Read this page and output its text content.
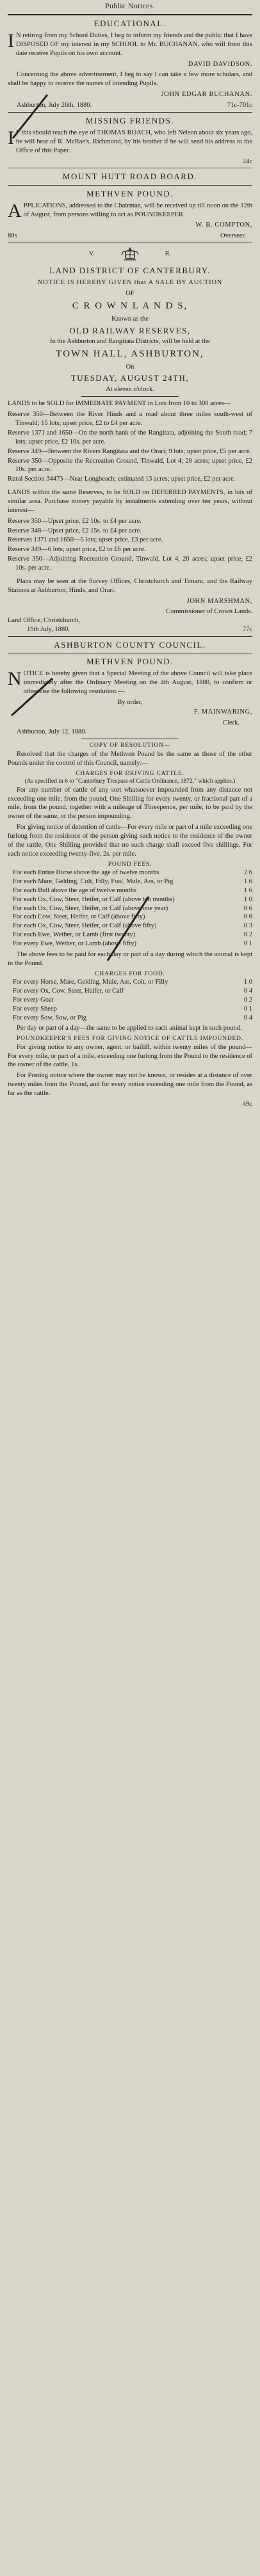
Public Notices.
EDUCATIONAL.

I N retiring from my School Duties, I beg to inform my friends and the public that I have DISPOSED OF my interest in my SCHOOL to Mr. BUCHANAN, who will from this date receive Pupils on his own account.

DAVID DAVIDSON.

Concerning the above advertisement, I beg to say I can take a few more scholars, and shall be happy to receive the names of intending Pupils.

JOHN EDGAR BUCHANAN.
Ashburton, July 26th, 1880.	71c-701c
MISSING FRIENDS.

I F this should reach the eye of THOMAS ROACH, who left Nelson about six years ago, he will hear of R. McRae's, Richmond, by his brother if he will send his address to the Office of this Paper.

24c
MOUNT HUTT ROAD BOARD.
METHVEN POUND.

APPLICATIONS, addressed to the Chairman, will be received up till noon on the 12th of August, from persons willing to act as POUNDKEEPER.

W. B. COMPTON,
80s	Overseer.
V.	R.
LAND DISTRICT OF CANTERBURY.

NOTICE IS HEREBY GIVEN that A SALE BY AUCTION

OF
C R O W N L A N D S,
Known as the
OLD RAILWAY RESERVES,

In the Ashburton and Rangitata Districts, will be held at the

TOWN HALL, ASHBURTON,
On
TUESDAY, AUGUST 24TH,
At eleven o'clock.

LANDS to be SOLD for IMMEDIATE PAYMENT in Lots from 10 to 300 acres—

Reserve 350—Between the River Hinds and a road about three miles south-west of Tinwald; 15 lots; upset price, £2 to £4 per acre.

Reserve 1371 and 1650—On the north bank of the Rangitata, adjoining the South road; 7 lots; upset price, £2 10s. per acre.

Reserve 349—Between the Rivers Rangitata and the Orari; 9 lots; upset price, £5 per acre.

Reserve 350—Opposite the Recreation Ground, Tinwald, Lot 4; 20 acres; upset price, £2 10s. per acre.

Rural Section 34473—Near Longbeach; estimated 13 acres; upset price, £2 per acre.

LANDS within the same Reserves, to be SOLD on DEFERRED PAYMENTS, in lots of similar area. Purchase money payable by instalments extending over ten years, without interest—

Reserve 350—Upset price, £2 10s. to £4 per acre.

Reserve 348—Upset price, £2 15s. to £4 per acre.

Reserves 1371 and 1650—5 lots; upset price, £3 per acre.

Reserve 349—6 lots; upset price, £2 to £6 per acre.

Reserve 350—Adjoining Recreation Ground, Tinwald, Lot 4, 20 acres; upset price, £2 10s. per acre.

Plans may be seen at the Survey Offices, Christchurch and Timaru, and the Railway Stations at Ashburton, Hinds, and Orari.

JOHN MARSHMAN,
Commissioner of Crown Lands.
Land Office, Christchurch,
19th July, 1880.	77c
ASHBURTON COUNTY COUNCIL.
METHVEN POUND.

NOTICE is hereby given that a Special Meeting of the above Council will take place immediately after the Ordinary Meeting on the 4th August, 1880, to confirm or otherwise the following resolution:—

By order,
F. MAINWARING,
Clerk.
Ashburton, July 12, 1880.
COPY OF RESOLUTION—

Resolved that the charges of the Methven Pound be the same as those of the other Pounds under the control of this Council, namely:—

CHARGES FOR DRIVING CATTLE.
(As specified in 6 to "Canterbury Trespass of Cattle Ordinance, 1872," which applies.)

For any number of cattle of any sort whatsoever impounded from any distance not exceeding one mile, from the pound, One Shilling for every twenty, or fractional part of a mile, from the pound, together with a mileage of Threepence, per mile, to be paid by the owner of the same, or the person impounding.

For giving notice of detention of cattle—For every mile or part of a mile exceeding one furlong from the residence of the person giving such notice to the residence of the owner of the cattle, One Shilling provided that no such charge shall exceed five shillings. For each notice exceeding twenty-five, 2s. per mile.

POUND FEES.
For each Entire Horse above the age of twelve months	2 6
For each Mare, Gelding, Colt, Filly, Foal, Mule, Ass, or Pig	1 6
For each Bull above the age of twelve months	1 6
For each Ox, Cow, Steer, Heifer, or Calf (above ten months)	1 0
For each Ox, Cow, Steer, Heifer, or Calf (above one year)	0 6
For each Cow, Steer, Heifer, or Calf (above fifty)	0 6
For each Ox, Cow, Steer, Heifer, or Calf (above fifty)	0 3
For each Ewe, Wether, or Lamb (first twenty)	0 2
For every Ewe, Wether, or Lamb (above fifty)	0 1

The above fees to be paid for each day or part of a day during which the animal is kept in the Pound.

CHARGES FOR FOOD.
For every Horse, Mare, Gelding, Mule, Ass, Colt, or Filly	1 0
For every Ox, Cow, Steer, Heifer, or Calf	0 4
For every Goat	0 2
For every Sheep	0 1
For every Sow, Sow, or Pig	0 4

Per day or part of a day—the same to be applied to each animal kept in such pound.

POUNDKEEPER'S FEES FOR GIVING NOTICE OF CATTLE IMPOUNDED.

For giving notice to any owner, agent, or bailiff, within twenty miles of the pound—For every mile, or part of a mile, exceeding one furlong from the Pound to the residence of the owner of the cattle, 1s.

For Posting notice where the owner may not be known, or resides at a distance of over twenty miles from the Pound, and for every notice exceeding one mile from the Pound, as far as the cattle.

49c
